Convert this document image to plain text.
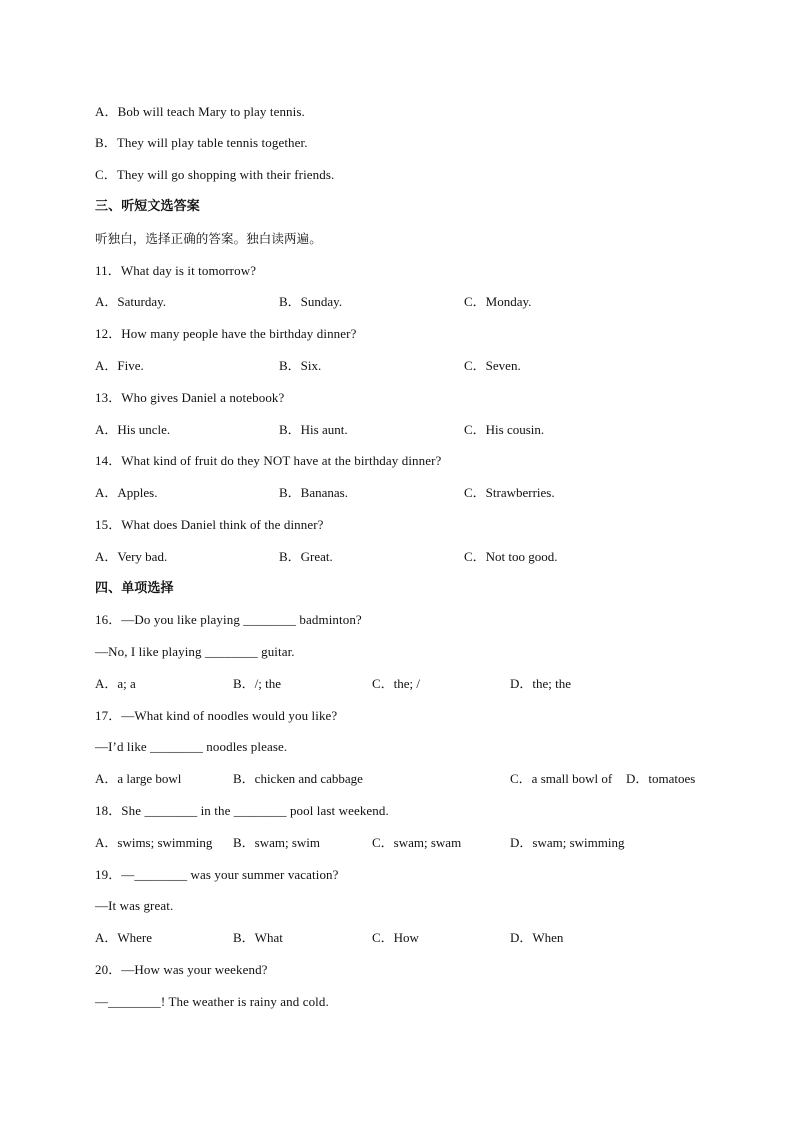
A．Bob will teach Mary to play tennis.
B．They will play table tennis together.
C．They will go shopping with their friends.
三、听短文选答案
听独白，选择正确的答案。独白读两遍。
11．What day is it tomorrow?
A．Saturday.	B．Sunday.	C．Monday.
12．How many people have the birthday dinner?
A．Five.	B．Six.	C．Seven.
13．Who gives Daniel a notebook?
A．His uncle.	B．His aunt.	C．His cousin.
14．What kind of fruit do they NOT have at the birthday dinner?
A．Apples.	B．Bananas.	C．Strawberries.
15．What does Daniel think of the dinner?
A．Very bad.	B．Great.	C．Not too good.
四、单项选择
16．—Do you like playing ________ badminton?
—No, I like playing ________ guitar.
A．a; a	B．/; the	C．the; /	D．the; the
17．—What kind of noodles would you like?
—I’d like ________ noodles please.
A．a large bowl	B．chicken and cabbage	C．a small bowl of D．tomatoes
18．She ________ in the ________ pool last weekend.
A．swims; swimming B．swam; swim	C．swam; swam	D．swam; swimming
19．—________ was your summer vacation?
—It was great.
A．Where	B．What	C．How	D．When
20．—How was your weekend?
—________! The weather is rainy and cold.
